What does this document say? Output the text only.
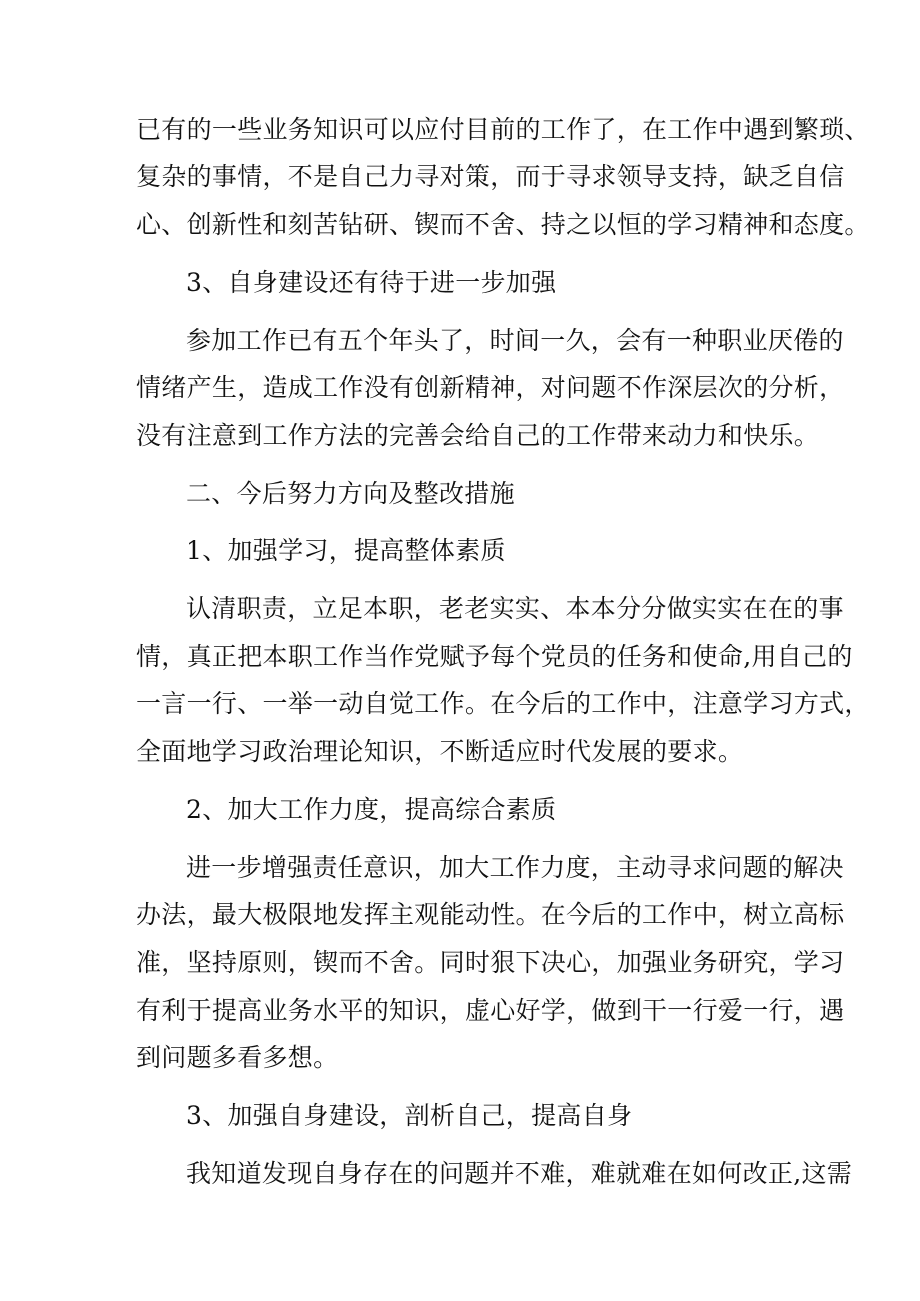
已有的一些业务知识可以应付目前的工作了，在工作中遇到繁琐、
复杂的事情，不是自己力寻对策，而于寻求领导支持，缺乏自信
心、创新性和刻苦钻研、锲而不舍、持之以恒的学习精神和态度。
3、自身建设还有待于进一步加强
参加工作已有五个年头了，时间一久，会有一种职业厌倦的
情绪产生，造成工作没有创新精神，对问题不作深层次的分析，
没有注意到工作方法的完善会给自己的工作带来动力和快乐。
二、今后努力方向及整改措施
1、加强学习，提高整体素质
认清职责，立足本职，老老实实、本本分分做实实在在的事
情，真正把本职工作当作党赋予每个党员的任务和使命,用自己的
一言一行、一举一动自觉工作。在今后的工作中，注意学习方式，
全面地学习政治理论知识，不断适应时代发展的要求。
2、加大工作力度，提高综合素质
进一步增强责任意识，加大工作力度，主动寻求问题的解决
办法，最大极限地发挥主观能动性。在今后的工作中，树立高标
准，坚持原则，锲而不舍。同时狠下决心，加强业务研究，学习
有利于提高业务水平的知识，虚心好学，做到干一行爱一行，遇
到问题多看多想。
3、加强自身建设，剖析自己，提高自身
我知道发现自身存在的问题并不难，难就难在如何改正,这需
